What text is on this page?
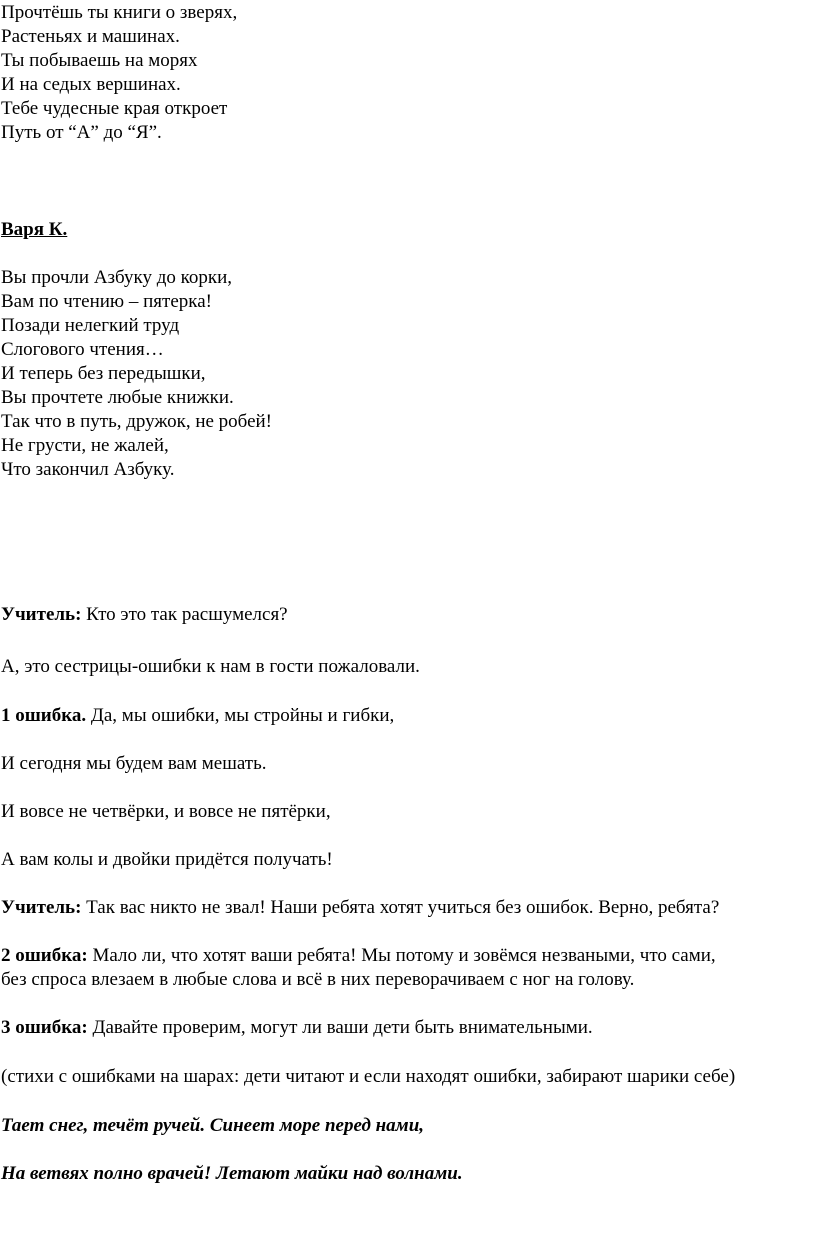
Прочтёшь ты книги о зверях,
Растеньях и машинах.
Ты побываешь на морях
И на седых вершинах.
Тебе чудесные края откроет
Путь от “А” до “Я”.
Варя К.
Вы прочли Азбуку до корки,
Вам по чтению – пятерка!
Позади нелегкий труд
Слогового чтения…
И теперь без передышки,
Вы прочтете любые книжки.
Так что в путь, дружок, не робей!
Не грусти, не жалей,
Что закончил Азбуку.
Учитель: Кто это так расшумелся?
А, это сестрицы-ошибки к нам в гости пожаловали.
1 ошибка. Да, мы ошибки, мы стройны и гибки,
И сегодня мы будем вам мешать.
И вовсе не четвёрки, и вовсе не пятёрки,
А вам колы и двойки придётся получать!
Учитель: Так вас никто не звал! Наши ребята хотят учиться без ошибок. Верно, ребята?
2 ошибка: Мало ли, что хотят ваши ребята! Мы потому и зовёмся незваными, что сами,
без спроса влезаем в любые слова и всё в них переворачиваем с ног на голову.
3 ошибка: Давайте проверим, могут ли ваши дети быть внимательными.
(стихи с ошибками на шарах: дети читают и если находят ошибки, забирают шарики себе)
Тает снег, течёт ручей. Синеет море перед нами,
На ветвях полно врачей! Летают майки над волнами.
